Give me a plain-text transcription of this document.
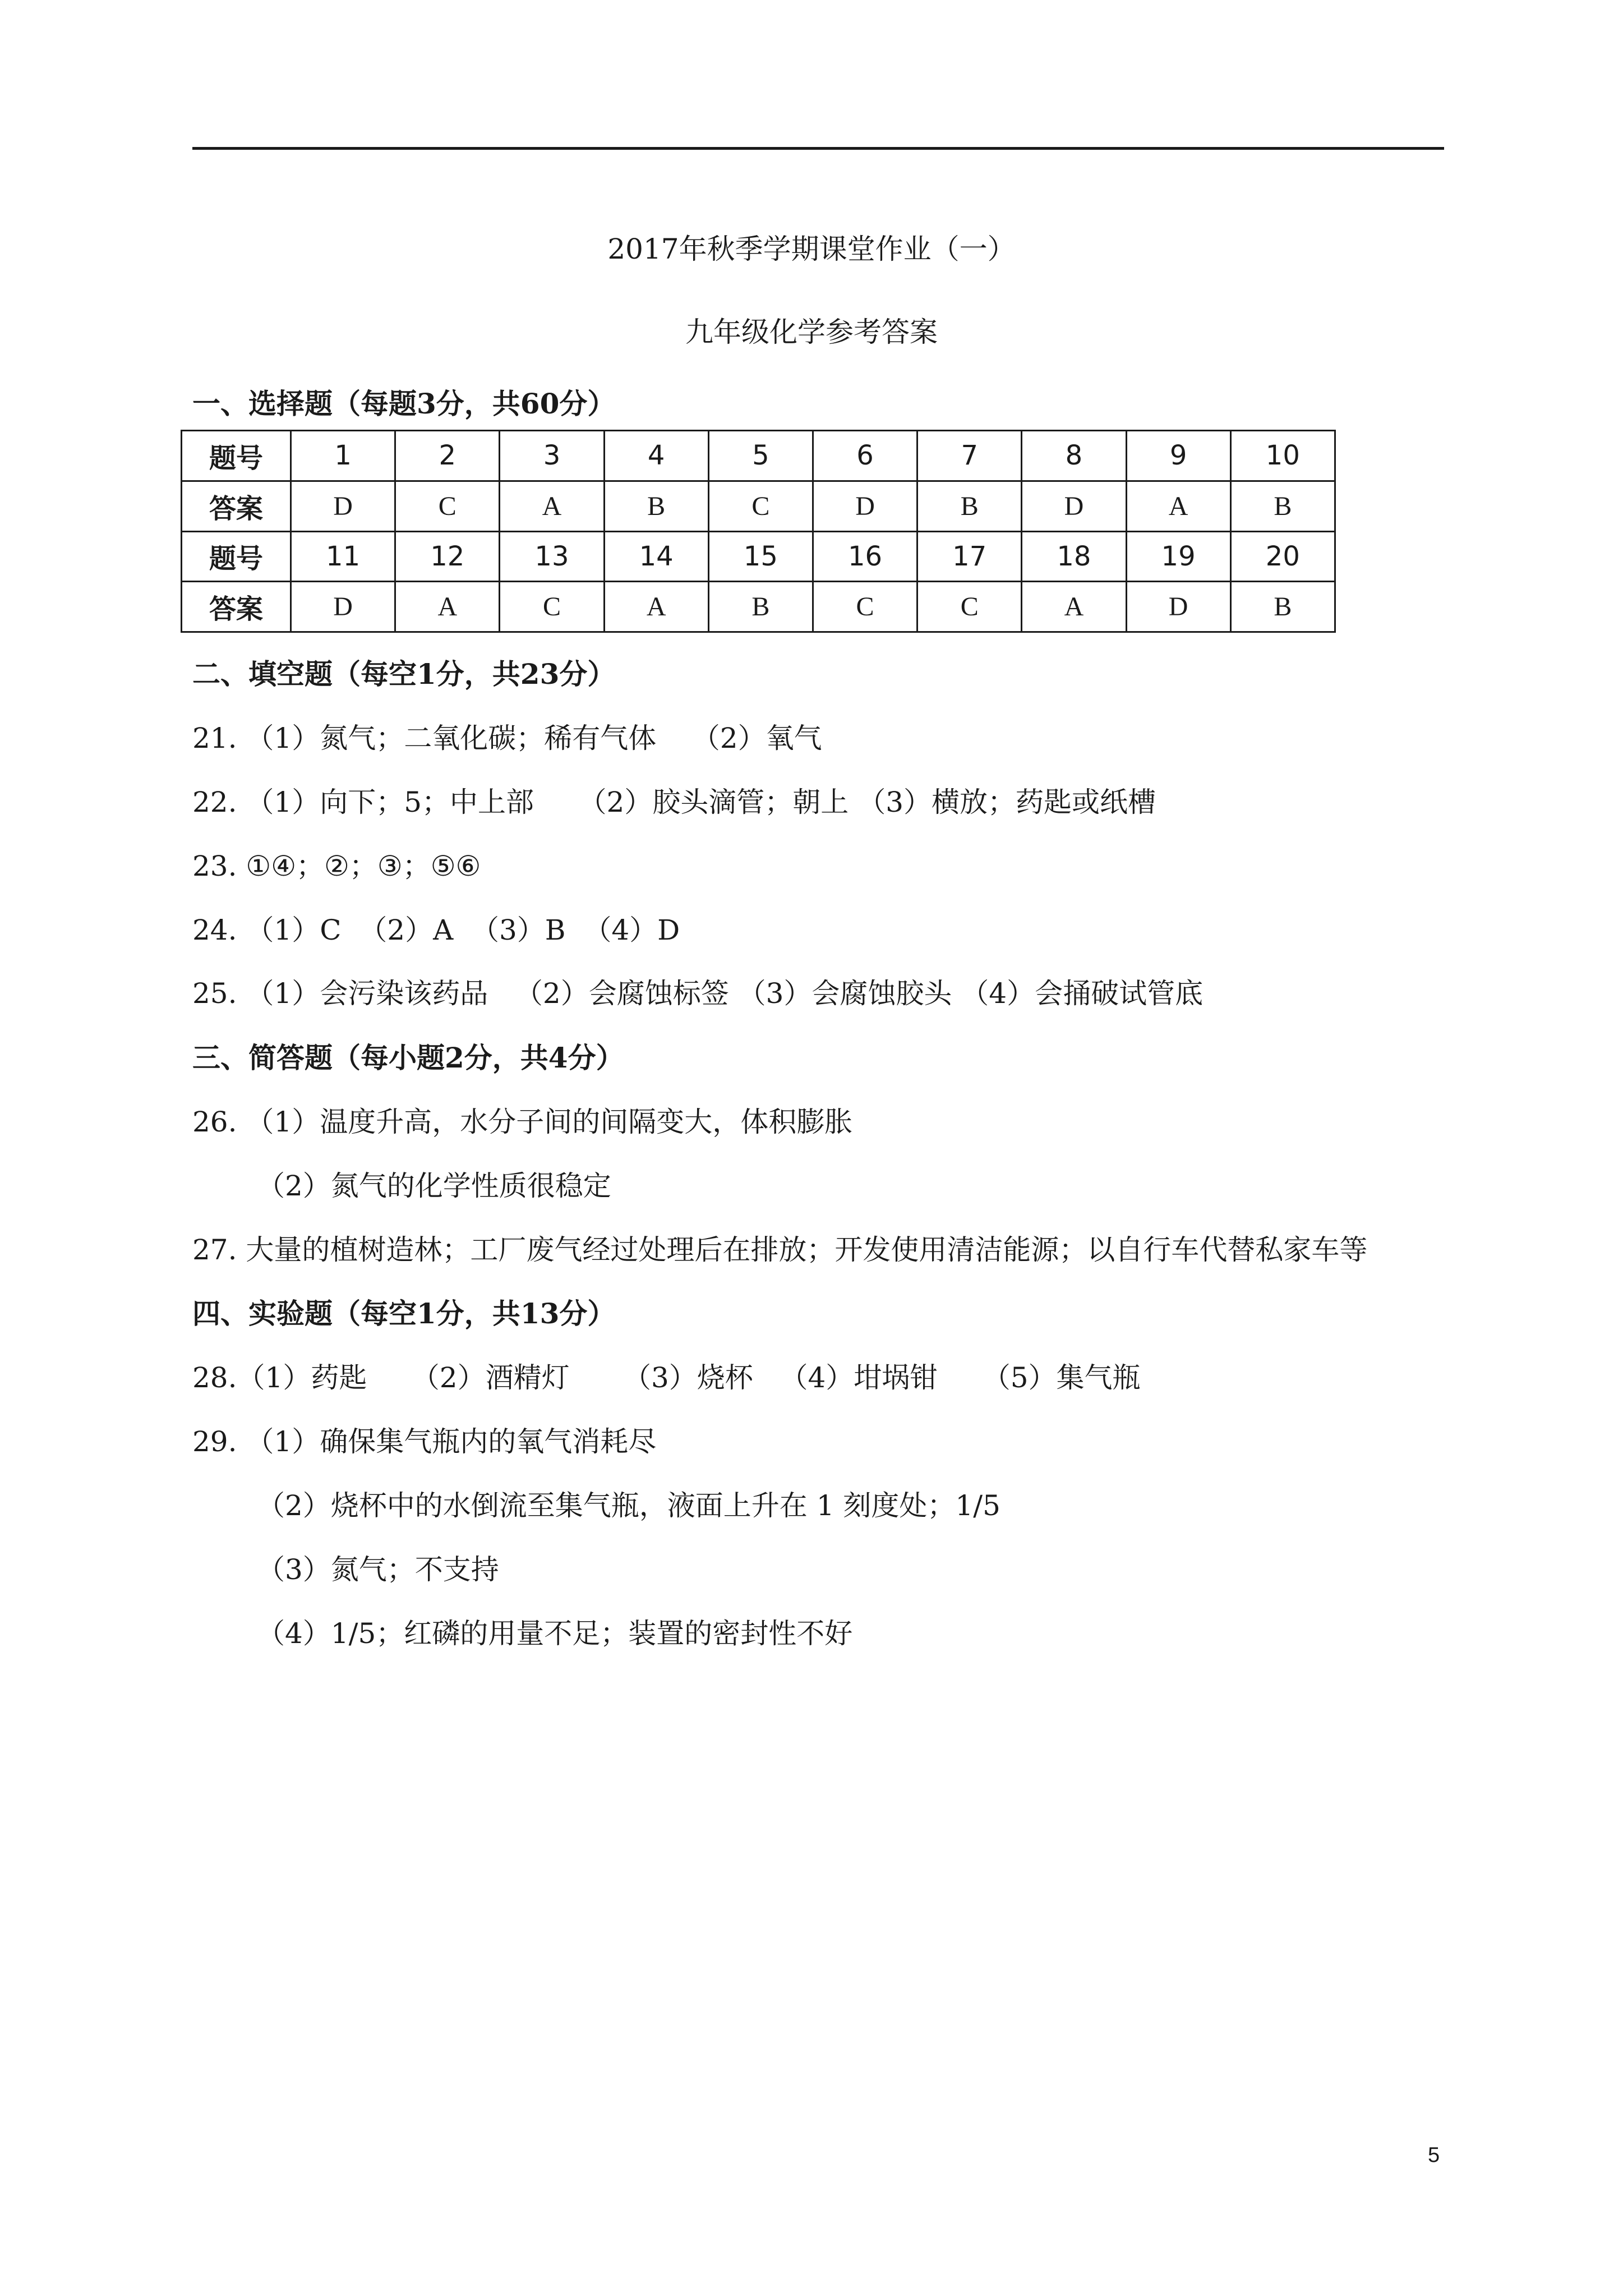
2017年秋季学期课堂作业（一）
九年级化学参考答案
一、选择题（每题3分，共60分）
题号	1	2	3	4	5	6	7	8	9	10
答案	D	C	A	B	C	D	B	D	A	B
题号	11	12	13	14	15	16	17	18	19	20
答案	D	A	C	A	B	C	C	A	D	B
二、填空题（每空1分，共23分）
21. （1）氮气；二氧化碳；稀有气体    （2）氧气
22. （1）向下；5；中上部     （2）胶头滴管；朝上 （3）横放；药匙或纸槽
23. ①④；②；③；⑤⑥
24. （1）C  （2）A  （3）B  （4）D
25. （1）会污染该药品   （2）会腐蚀标签 （3）会腐蚀胶头 （4）会捅破试管底
三、简答题（每小题2分，共4分）
26. （1）温度升高，水分子间的间隔变大，体积膨胀
（2）氮气的化学性质很稳定
27. 大量的植树造林；工厂废气经过处理后在排放；开发使用清洁能源；以自行车代替私家车等
四、实验题（每空1分，共13分）
28.（1）药匙     （2）酒精灯      （3）烧杯   （4）坩埚钳     （5）集气瓶
29. （1）确保集气瓶内的氧气消耗尽
（2）烧杯中的水倒流至集气瓶，液面上升在 1 刻度处；1/5
（3）氮气；不支持
（4）1/5；红磷的用量不足；装置的密封性不好
5
